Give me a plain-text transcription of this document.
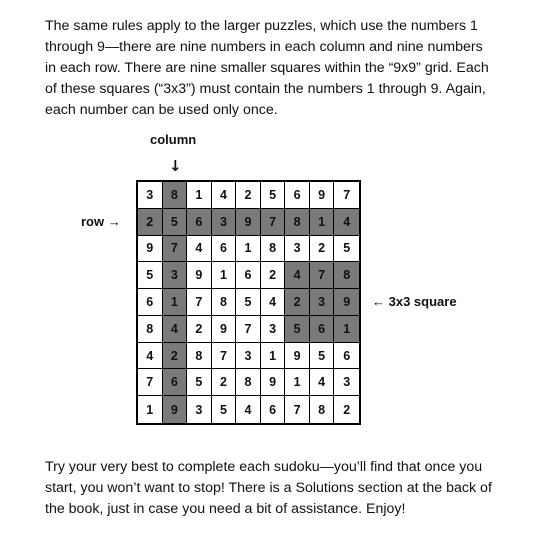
The same rules apply to the larger puzzles, which use the numbers 1
through 9—there are nine numbers in each column and nine numbers
in each row. There are nine smaller squares within the “9x9” grid. Each
of these squares (“3x3”) must contain the numbers 1 through 9. Again,
each number can be used only once.
column
↓
row →
← 3x3 square
3	8	1	4	2	5	6	9	7
2	5	6	3	9	7	8	1	4
9	7	4	6	1	8	3	2	5
5	3	9	1	6	2	4	7	8
6	1	7	8	5	4	2	3	9
8	4	2	9	7	3	5	6	1
4	2	8	7	3	1	9	5	6
7	6	5	2	8	9	1	4	3
1	9	3	5	4	6	7	8	2
Try your very best to complete each sudoku—you’ll find that once you
start, you won’t want to stop! There is a Solutions section at the back of
the book, just in case you need a bit of assistance. Enjoy!
